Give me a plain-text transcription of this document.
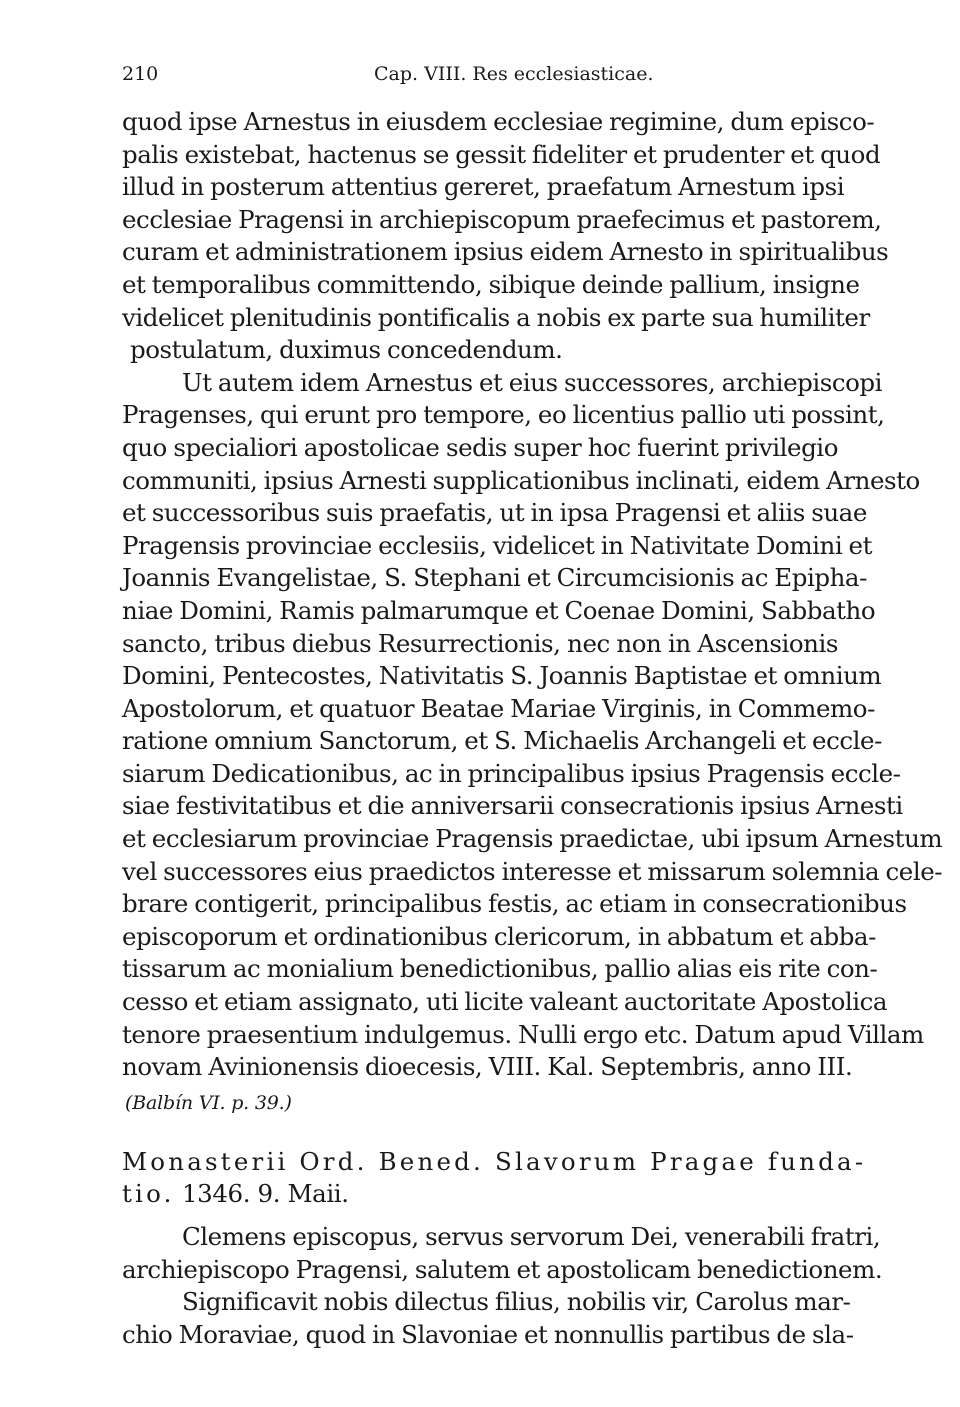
210	Cap. VIII. Res ecclesiasticae.
quod ipse Arnestus in eiusdem ecclesiae regimine, dum episco-
palis existebat, hactenus se gessit fideliter et prudenter et quod
illud in posterum attentius gereret, praefatum Arnestum ipsi
ecclesiae Pragensi in archiepiscopum praefecimus et pastorem,
curam et administrationem ipsius eidem Arnesto in spiritualibus
et temporalibus committendo, sibique deinde pallium, insigne
videlicet plenitudinis pontificalis a nobis ex parte sua humiliter
postulatum, duximus concedendum.
Ut autem idem Arnestus et eius successores, archiepiscopi
Pragenses, qui erunt pro tempore, eo licentius pallio uti possint,
quo specialiori apostolicae sedis super hoc fuerint privilegio
communiti, ipsius Arnesti supplicationibus inclinati, eidem Arnesto
et successoribus suis praefatis, ut in ipsa Pragensi et aliis suae
Pragensis provinciae ecclesiis, videlicet in Nativitate Domini et
Joannis Evangelistae, S. Stephani et Circumcisionis ac Epipha-
niae Domini, Ramis palmarumque et Coenae Domini, Sabbatho
sancto, tribus diebus Resurrectionis, nec non in Ascensionis
Domini, Pentecostes, Nativitatis S. Joannis Baptistae et omnium
Apostolorum, et quatuor Beatae Mariae Virginis, in Commemo-
ratione omnium Sanctorum, et S. Michaelis Archangeli et eccle-
siarum Dedicationibus, ac in principalibus ipsius Pragensis eccle-
siae festivitatibus et die anniversarii consecrationis ipsius Arnesti
et ecclesiarum provinciae Pragensis praedictae, ubi ipsum Arnestum
vel successores eius praedictos interesse et missarum solemnia cele-
brare contigerit, principalibus festis, ac etiam in consecrationibus
episcoporum et ordinationibus clericorum, in abbatum et abba-
tissarum ac monialium benedictionibus, pallio alias eis rite con-
cesso et etiam assignato, uti licite valeant auctoritate Apostolica
tenore praesentium indulgemus. Nulli ergo etc. Datum apud Villam
novam Avinionensis dioecesis, VIII. Kal. Septembris, anno III.
(Balbín VI. p. 39.)
Monasterii Ord. Bened. Slavorum Pragae funda-
tio. 1346. 9. Maii.
Clemens episcopus, servus servorum Dei, venerabili fratri,
archiepiscopo Pragensi, salutem et apostolicam benedictionem.
Significavit nobis dilectus filius, nobilis vir, Carolus mar-
chio Moraviae, quod in Slavoniae et nonnullis partibus de sla-
